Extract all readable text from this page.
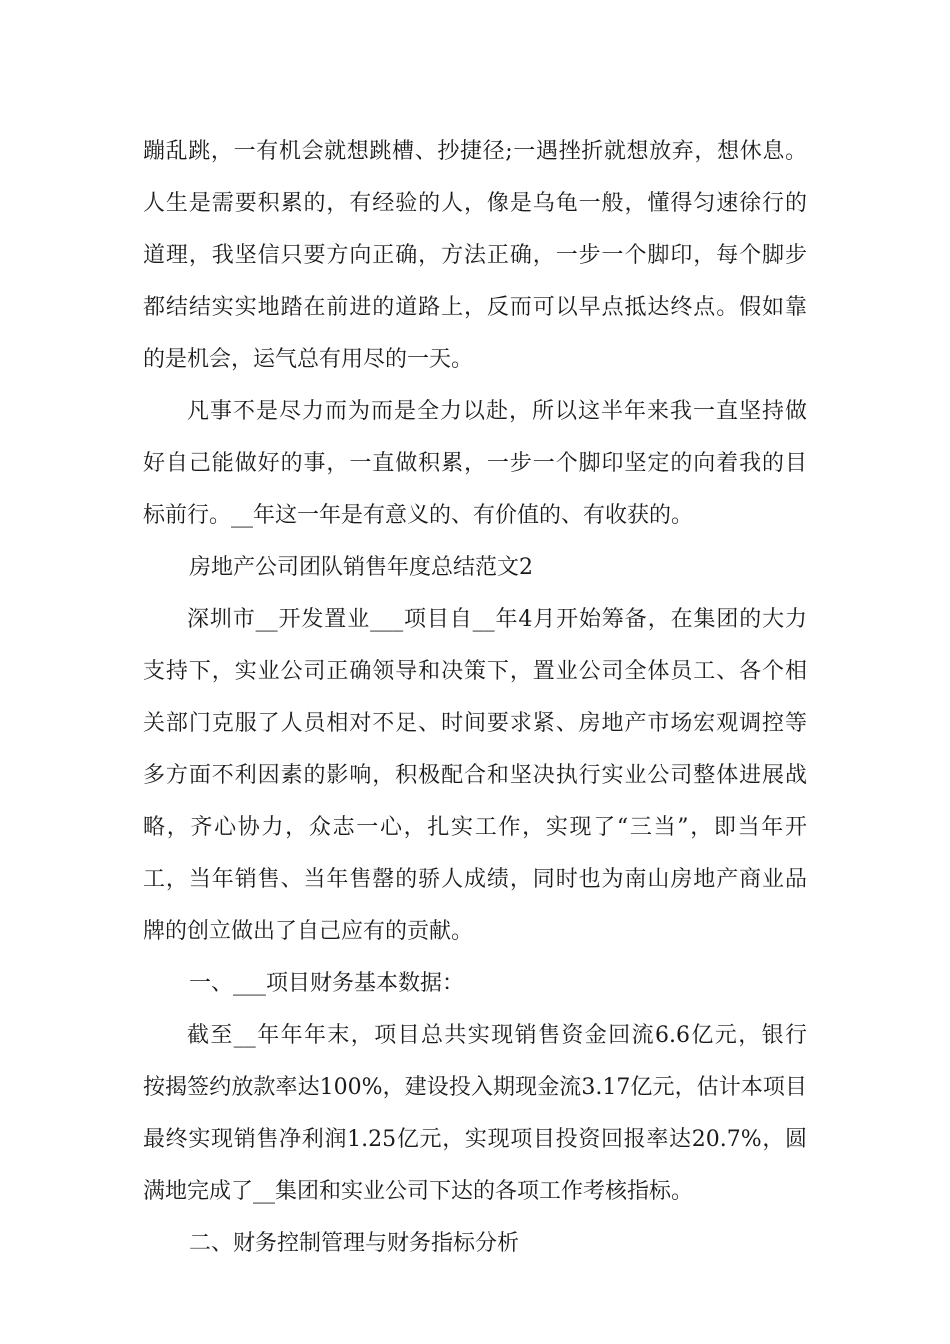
蹦乱跳，一有机会就想跳槽、抄捷径;一遇挫折就想放弃，想休息。
人生是需要积累的，有经验的人，像是乌龟一般，懂得匀速徐行的
道理，我坚信只要方向正确，方法正确，一步一个脚印，每个脚步
都结结实实地踏在前进的道路上，反而可以早点抵达终点。假如靠
的是机会，运气总有用尽的一天。
凡事不是尽力而为而是全力以赴，所以这半年来我一直坚持做
好自己能做好的事，一直做积累，一步一个脚印坚定的向着我的目
标前行。__年这一年是有意义的、有价值的、有收获的。
房地产公司团队销售年度总结范文2
深圳市__开发置业___项目自__年4月开始筹备，在集团的大力
支持下，实业公司正确领导和决策下，置业公司全体员工、各个相
关部门克服了人员相对不足、时间要求紧、房地产市场宏观调控等
多方面不利因素的影响，积极配合和坚决执行实业公司整体进展战
略，齐心协力，众志一心，扎实工作，实现了“三当”，即当年开
工，当年销售、当年售罄的骄人成绩，同时也为南山房地产商业品
牌的创立做出了自己应有的贡献。
一、___项目财务基本数据：
截至__年年年末，项目总共实现销售资金回流6.6亿元，银行
按揭签约放款率达100%，建设投入期现金流3.17亿元，估计本项目
最终实现销售净利润1.25亿元，实现项目投资回报率达20.7%，圆
满地完成了__集团和实业公司下达的各项工作考核指标。
二、财务控制管理与财务指标分析
